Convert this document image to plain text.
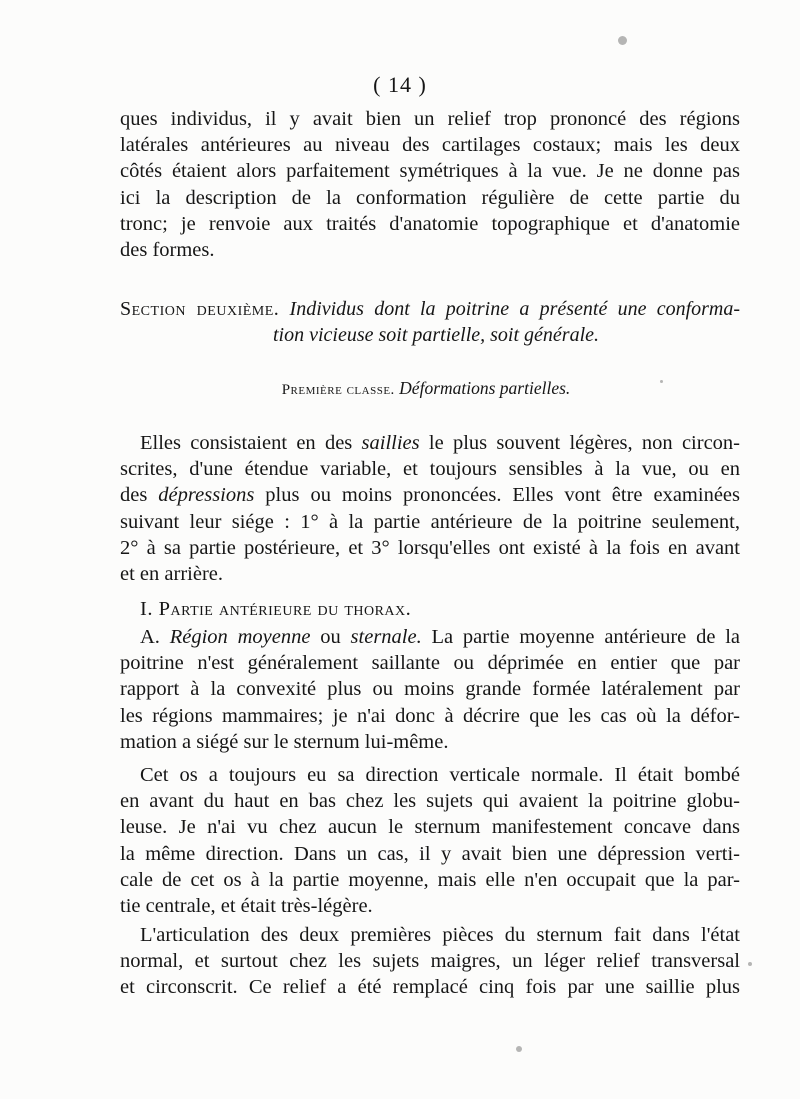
( 14 )
ques individus, il y avait bien un relief trop prononcé des régions
latérales antérieures au niveau des cartilages costaux; mais les deux
côtés étaient alors parfaitement symétriques à la vue. Je ne donne pas
ici la description de la conformation régulière de cette partie du
tronc; je renvoie aux traités d'anatomie topographique et d'anatomie
des formes.
Section deuxième. Individus dont la poitrine a présenté une conforma-
tion vicieuse soit partielle, soit générale.
Première classe. Déformations partielles.
Elles consistaient en des saillies le plus souvent légères, non circon-
scrites, d'une étendue variable, et toujours sensibles à la vue, ou en
des dépressions plus ou moins prononcées. Elles vont être examinées
suivant leur siége : 1° à la partie antérieure de la poitrine seulement,
2° à sa partie postérieure, et 3° lorsqu'elles ont existé à la fois en avant
et en arrière.
I. Partie antérieure du thorax.
A. Région moyenne ou sternale. La partie moyenne antérieure de la
poitrine n'est généralement saillante ou déprimée en entier que par
rapport à la convexité plus ou moins grande formée latéralement par
les régions mammaires; je n'ai donc à décrire que les cas où la défor-
mation a siégé sur le sternum lui-même.
Cet os a toujours eu sa direction verticale normale. Il était bombé
en avant du haut en bas chez les sujets qui avaient la poitrine globu-
leuse. Je n'ai vu chez aucun le sternum manifestement concave dans
la même direction. Dans un cas, il y avait bien une dépression verti-
cale de cet os à la partie moyenne, mais elle n'en occupait que la par-
tie centrale, et était très-légère.
L'articulation des deux premières pièces du sternum fait dans l'état
normal, et surtout chez les sujets maigres, un léger relief transversal
et circonscrit. Ce relief a été remplacé cinq fois par une saillie plus
